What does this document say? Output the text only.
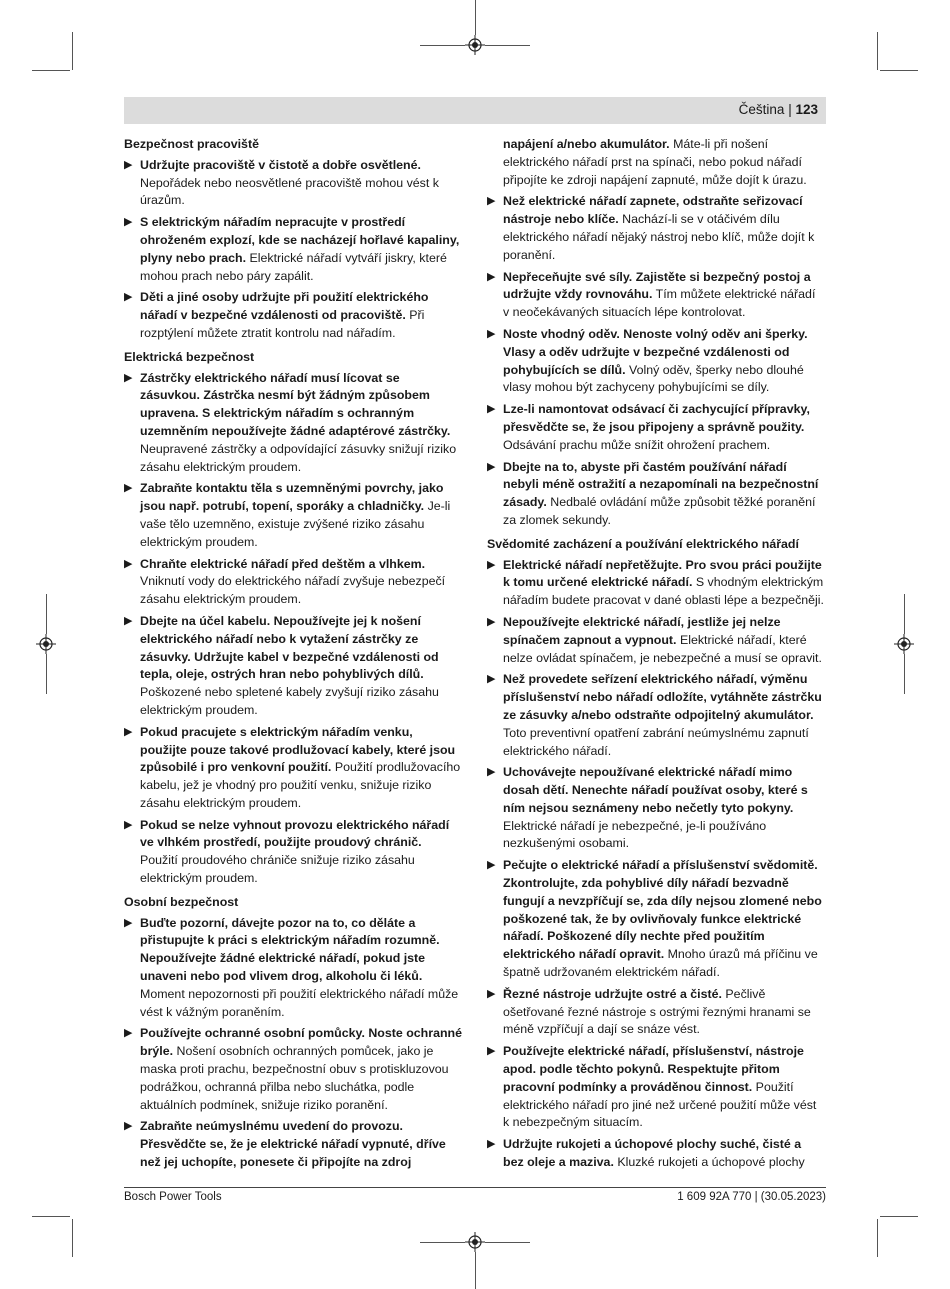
Čeština | 123
Bezpečnost pracoviště
▶ Udržujte pracoviště v čistotě a dobře osvětlené. Nepořádek nebo neosvětlené pracoviště mohou vést k úrazům.
▶ S elektrickým nářadím nepracujte v prostředí ohroženém explozí, kde se nacházejí hořlavé kapaliny, plyny nebo prach. Elektrické nářadí vytváří jiskry, které mohou prach nebo páry zapálit.
▶ Děti a jiné osoby udržujte při použití elektrického nářadí v bezpečné vzdálenosti od pracoviště. Při rozptýlení můžete ztratit kontrolu nad nářadím.
Elektrická bezpečnost
▶ Zástrčky elektrického nářadí musí lícovat se zásuvkou. Zástrčka nesmí být žádným způsobem upravena. S elektrickým nářadím s ochranným uzemněním nepoužívejte žádné adaptérové zástrčky. Neupravené zástrčky a odpovídající zásuvky snižují riziko zásahu elektrickým proudem.
▶ Zabraňte kontaktu těla s uzemněnými povrchy, jako jsou např. potrubí, topení, sporáky a chladničky. Je-li vaše tělo uzemněno, existuje zvýšené riziko zásahu elektrickým proudem.
▶ Chraňte elektrické nářadí před deštěm a vlhkem. Vniknutí vody do elektrického nářadí zvyšuje nebezpečí zásahu elektrickým proudem.
▶ Dbejte na účel kabelu. Nepoužívejte jej k nošení elektrického nářadí nebo k vytažení zástrčky ze zásuvky. Udržujte kabel v bezpečné vzdálenosti od tepla, oleje, ostrých hran nebo pohyblivých dílů. Poškozené nebo spletené kabely zvyšují riziko zásahu elektrickým proudem.
▶ Pokud pracujete s elektrickým nářadím venku, použijte pouze takové prodlužovací kabely, které jsou způsobilé i pro venkovní použití. Použití prodlužovacího kabelu, jež je vhodný pro použití venku, snižuje riziko zásahu elektrickým proudem.
▶ Pokud se nelze vyhnout provozu elektrického nářadí ve vlhkém prostředí, použijte proudový chránič. Použití proudového chrániče snižuje riziko zásahu elektrickým proudem.
Osobní bezpečnost
▶ Buďte pozorní, dávejte pozor na to, co děláte a přistupujte k práci s elektrickým nářadím rozumně. Nepoužívejte žádné elektrické nářadí, pokud jste unaveni nebo pod vlivem drog, alkoholu či léků. Moment nepozornosti při použití elektrického nářadí může vést k vážným poraněním.
▶ Používejte ochranné osobní pomůcky. Noste ochranné brýle. Nošení osobních ochranných pomůcek, jako je maska proti prachu, bezpečnostní obuv s protiskluzovou podrážkou, ochranná přilba nebo sluchátka, podle aktuálních podmínek, snižuje riziko poranění.
▶ Zabraňte neúmyslnému uvedení do provozu. Přesvědčte se, že je elektrické nářadí vypnuté, dříve než jej uchopíte, ponesete či připojíte na zdroj
napájení a/nebo akumulátor. Máte-li při nošení elektrického nářadí prst na spínači, nebo pokud nářadí připojíte ke zdroji napájení zapnuté, může dojít k úrazu.
▶ Než elektrické nářadí zapnete, odstraňte seřizovací nástroje nebo klíče. Nachází-li se v otáčivém dílu elektrického nářadí nějaký nástroj nebo klíč, může dojít k poranění.
▶ Nepřeceňujte své síly. Zajistěte si bezpečný postoj a udržujte vždy rovnováhu. Tím můžete elektrické nářadí v neočekávaných situacích lépe kontrolovat.
▶ Noste vhodný oděv. Nenoste volný oděv ani šperky. Vlasy a oděv udržujte v bezpečné vzdálenosti od pohybujících se dílů. Volný oděv, šperky nebo dlouhé vlasy mohou být zachyceny pohybujícími se díly.
▶ Lze-li namontovat odsávací či zachycující přípravky, přesvědčte se, že jsou připojeny a správně použity. Odsávání prachu může snížit ohrožení prachem.
▶ Dbejte na to, abyste při častém používání nářadí nebyli méně ostražití a nezapomínali na bezpečnostní zásady. Nedbalé ovládání může způsobit těžké poranění za zlomek sekundy.
Svědomité zacházení a používání elektrického nářadí
▶ Elektrické nářadí nepřetěžujte. Pro svou práci použijte k tomu určené elektrické nářadí. S vhodným elektrickým nářadím budete pracovat v dané oblasti lépe a bezpečněji.
▶ Nepoužívejte elektrické nářadí, jestliže jej nelze spínačem zapnout a vypnout. Elektrické nářadí, které nelze ovládat spínačem, je nebezpečné a musí se opravit.
▶ Než provedete seřízení elektrického nářadí, výměnu příslušenství nebo nářadí odložíte, vytáhněte zástrčku ze zásuvky a/nebo odstraňte odpojitelný akumulátor. Toto preventivní opatření zabrání neúmyslnému zapnutí elektrického nářadí.
▶ Uchovávejte nepoužívané elektrické nářadí mimo dosah dětí. Nenechte nářadí používat osoby, které s ním nejsou seznámeny nebo nečetly tyto pokyny. Elektrické nářadí je nebezpečné, je-li používáno nezkušenými osobami.
▶ Pečujte o elektrické nářadí a příslušenství svědomitě. Zkontrolujte, zda pohyblivé díly nářadí bezvadně fungují a nevzpříčují se, zda díly nejsou zlomené nebo poškozené tak, že by ovlivňovaly funkce elektrické nářadí. Poškozené díly nechte před použitím elektrického nářadí opravit. Mnoho úrazů má příčinu ve špatně udržovaném elektrickém nářadí.
▶ Řezné nástroje udržujte ostré a čisté. Pečlivě ošetřované řezné nástroje s ostrými řeznými hranami se méně vzpříčují a dají se snáze vést.
▶ Používejte elektrické nářadí, příslušenství, nástroje apod. podle těchto pokynů. Respektujte přitom pracovní podmínky a prováděnou činnost. Použití elektrického nářadí pro jiné než určené použití může vést k nebezpečným situacím.
▶ Udržujte rukojeti a úchopové plochy suché, čisté a bez oleje a maziva. Kluzké rukojeti a úchopové plochy
Bosch Power Tools	1 609 92A 770 | (30.05.2023)
